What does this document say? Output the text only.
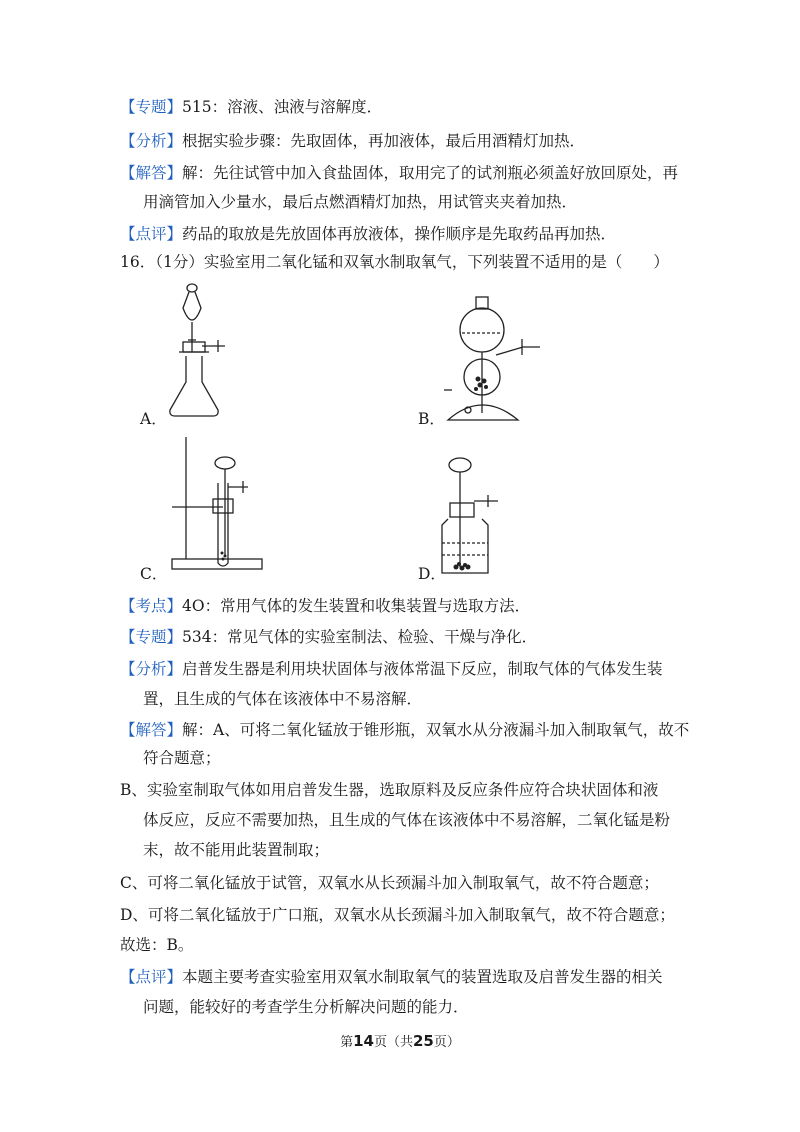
【专题】515：溶液、浊液与溶解度．
【分析】根据实验步骤：先取固体，再加液体，最后用酒精灯加热．
【解答】解：先往试管中加入食盐固体，取用完了的试剂瓶必须盖好放回原处，再
用滴管加入少量水，最后点燃酒精灯加热，用试管夹夹着加热．
【点评】药品的取放是先放固体再放液体，操作顺序是先取药品再加热．
16．（1分）实验室用二氧化锰和双氧水制取氧气，下列装置不适用的是（　　）
A．	B．
C．	D．
【考点】4O：常用气体的发生装置和收集装置与选取方法．
【专题】534：常见气体的实验室制法、检验、干燥与净化．
【分析】启普发生器是利用块状固体与液体常温下反应，制取气体的气体发生装
置，且生成的气体在该液体中不易溶解．
【解答】解：A、可将二氧化锰放于锥形瓶，双氧水从分液漏斗加入制取氧气，故不
符合题意；
B、实验室制取气体如用启普发生器，选取原料及反应条件应符合块状固体和液
体反应，反应不需要加热，且生成的气体在该液体中不易溶解，二氧化锰是粉
末，故不能用此装置制取；
C、可将二氧化锰放于试管，双氧水从长颈漏斗加入制取氧气，故不符合题意；
D、可将二氧化锰放于广口瓶，双氧水从长颈漏斗加入制取氧气，故不符合题意；
故选：B。
【点评】本题主要考查实验室用双氧水制取氧气的装置选取及启普发生器的相关
问题，能较好的考查学生分析解决问题的能力．
第14页（共25页）
